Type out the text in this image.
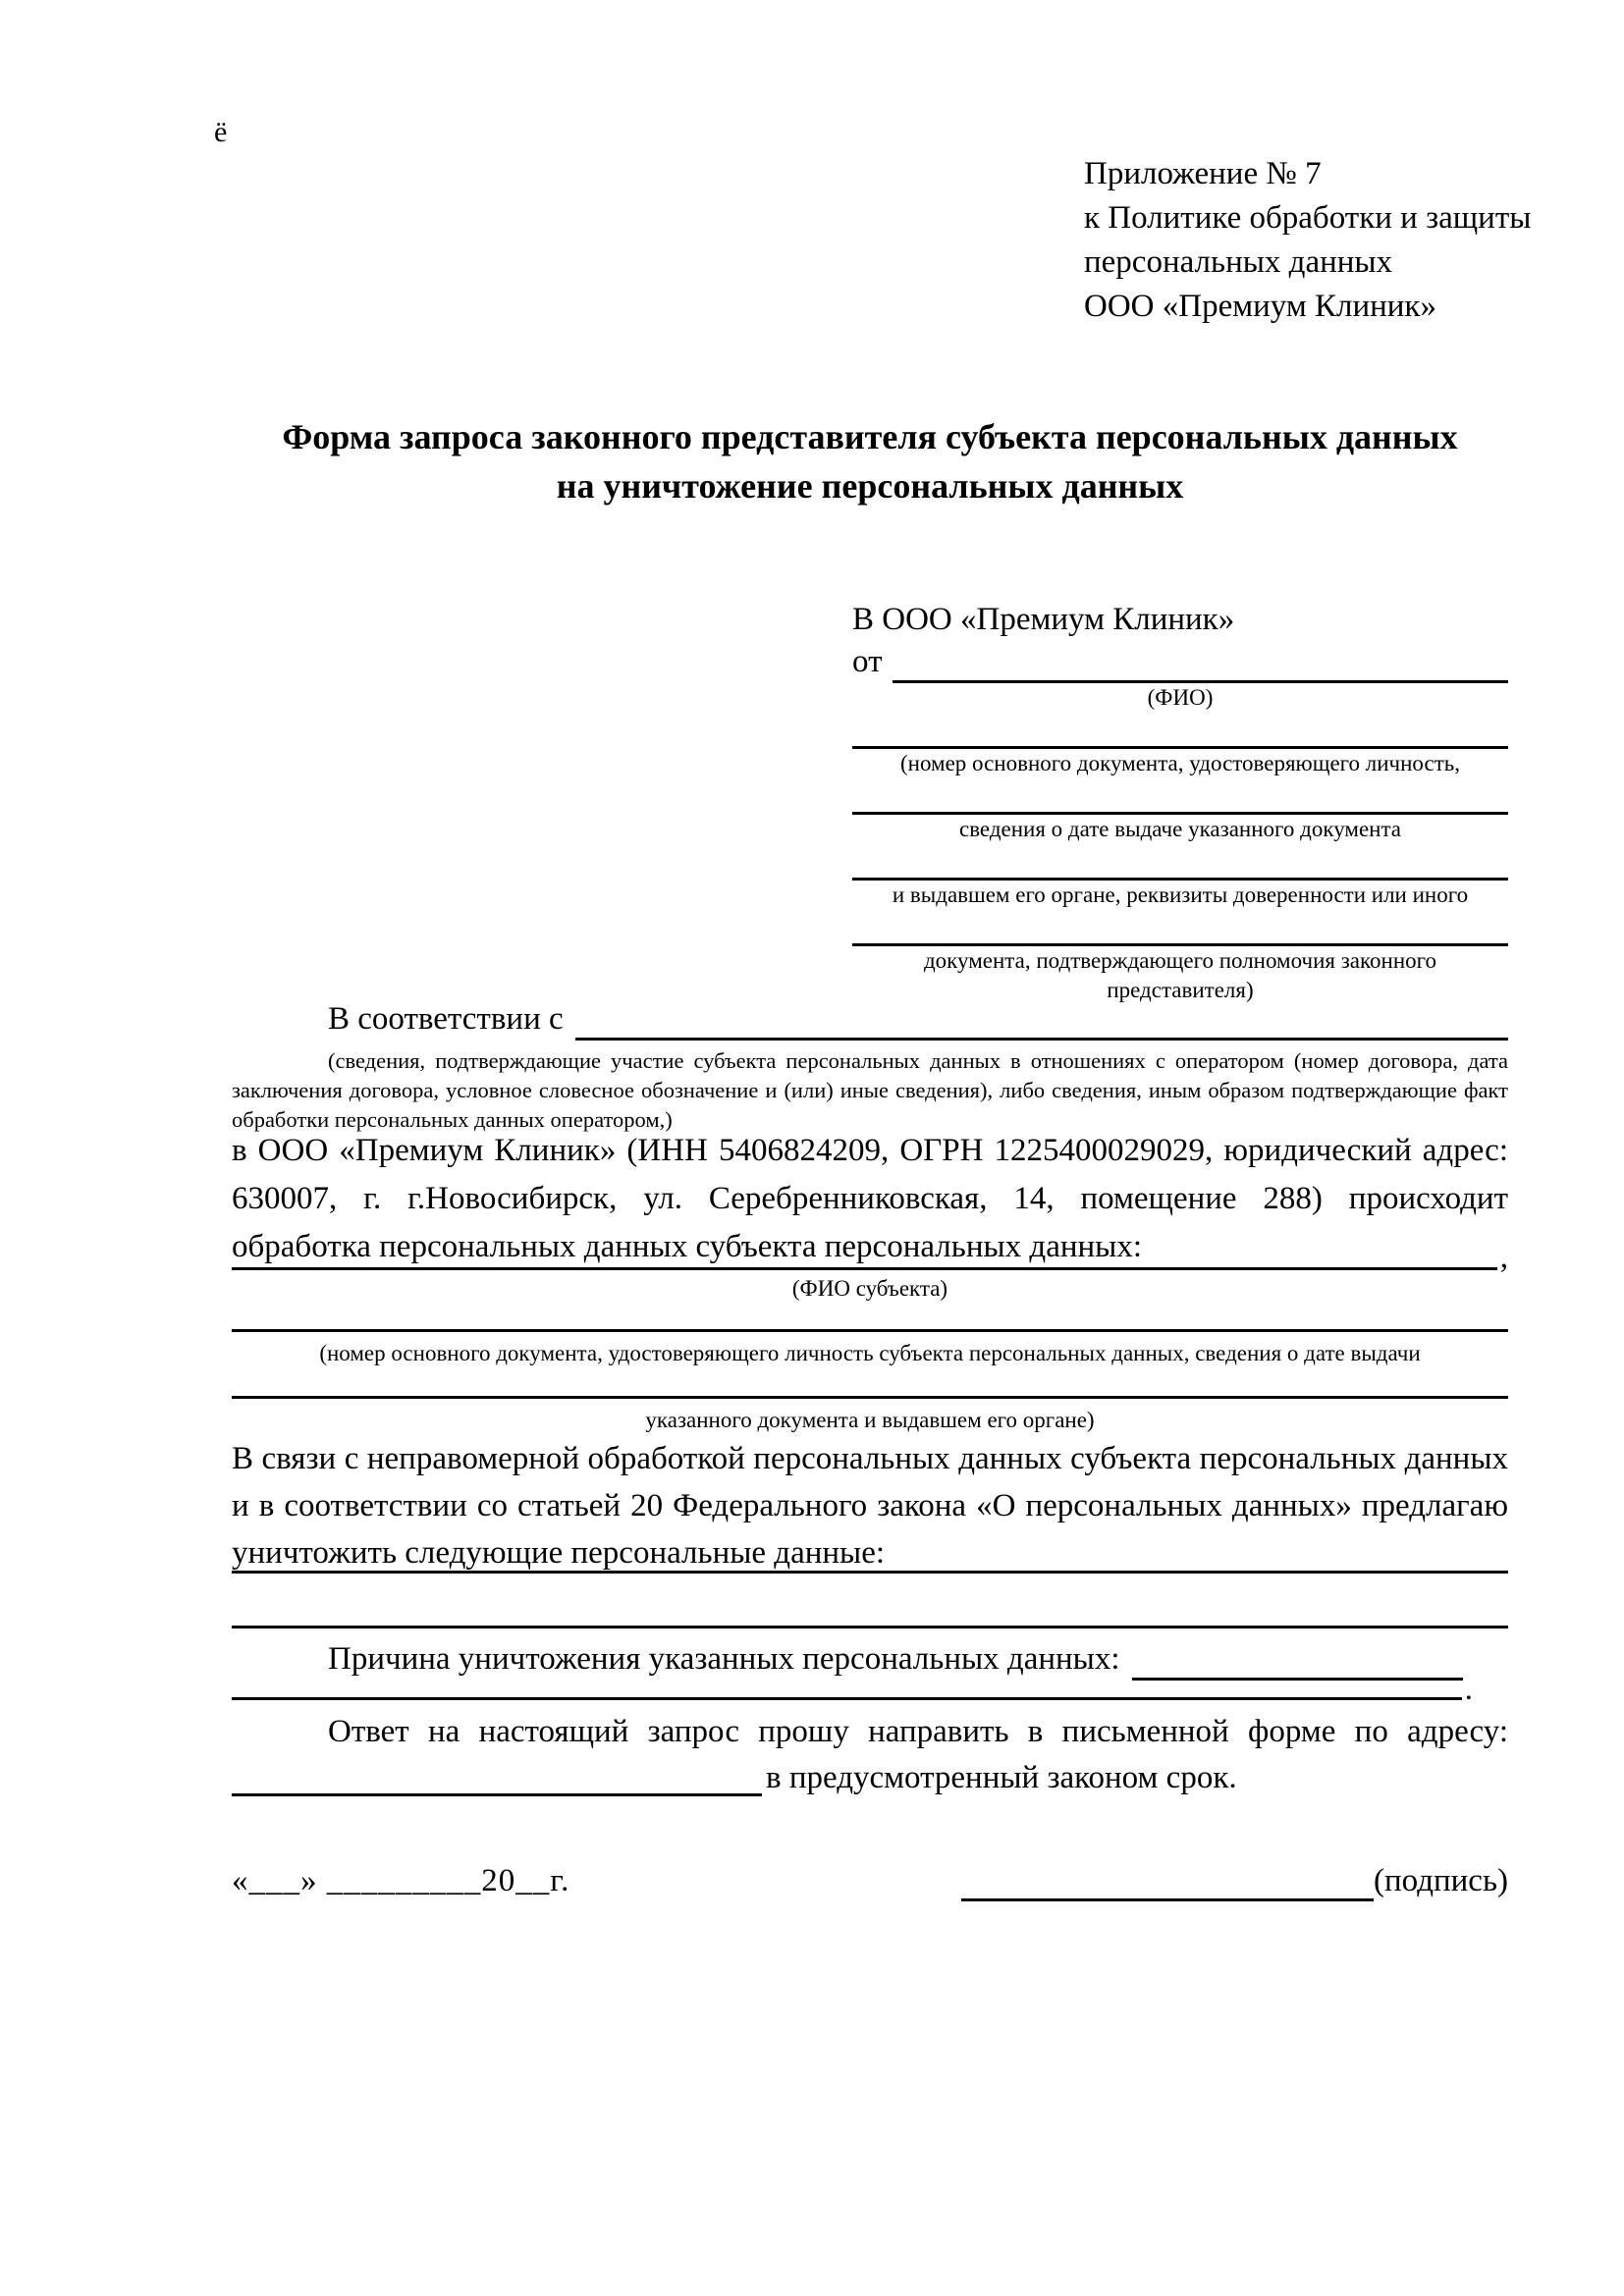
ё
Приложение № 7
к Политике обработки и защиты
персональных данных
ООО «Премиум Клиник»
Форма запроса законного представителя субъекта персональных данных
на уничтожение персональных данных
В ООО «Премиум Клиник»
от
(ФИО)
(номер основного документа, удостоверяющего личность,
сведения о дате выдаче указанного документа
и выдавшем его органе, реквизиты доверенности или иного
документа, подтверждающего полномочия законного представителя)
В соответствии с
(сведения, подтверждающие участие субъекта персональных данных в отношениях с оператором (номер договора, дата
заключения договора, условное словесное обозначение и (или) иные сведения), либо сведения, иным образом подтверждающие факт
обработки персональных данных оператором,)
в ООО «Премиум Клиник» (ИНН 5406824209, ОГРН 1225400029029, юридический адрес:
630007, г. г.Новосибирск, ул. Серебренниковская, 14, помещение 288) происходит
обработка персональных данных субъекта персональных данных:	,
(ФИО субъекта)
(номер основного документа, удостоверяющего личность субъекта персональных данных, сведения о дате выдачи
указанного документа и выдавшем его органе)
В связи с неправомерной обработкой персональных данных субъекта персональных данных
и в соответствии со статьей 20 Федерального закона «О персональных данных» предлагаю
уничтожить следующие персональные данные:
Причина уничтожения указанных персональных данных:
.
Ответ на настоящий запрос прошу направить в письменной форме по адресу:
в предусмотренный законом срок.
«___» _________20__г.	(подпись)
